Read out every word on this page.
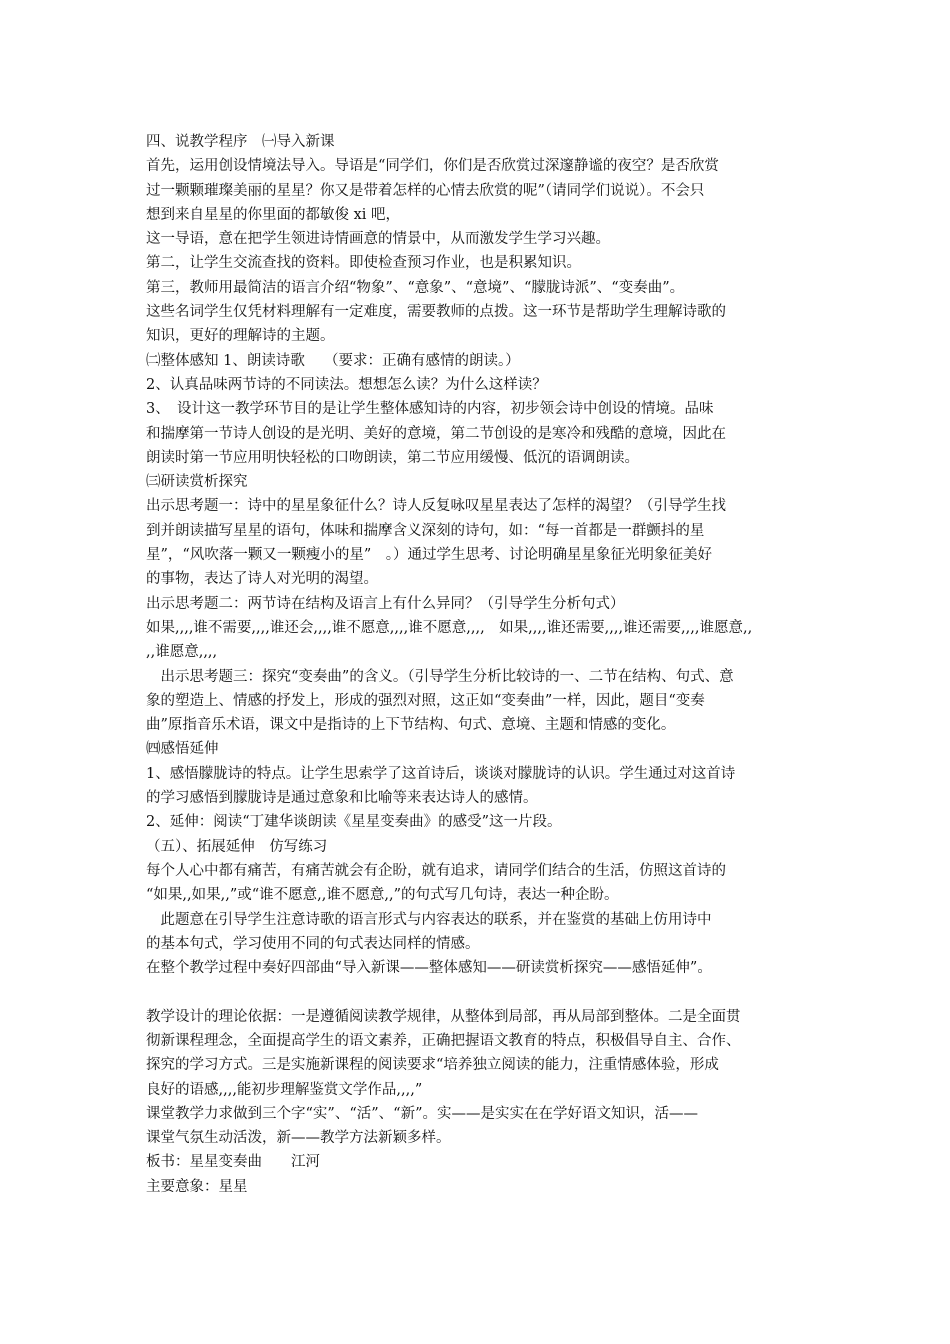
四、说教学程序　㈠导入新课
首先，运用创设情境法导入。导语是“同学们，你们是否欣赏过深邃静谧的夜空？是否欣赏
过一颗颗璀璨美丽的星星？你又是带着怎样的心情去欣赏的呢”（请同学们说说）。不会只
想到来自星星的你里面的都敏俊 xi 吧，
这一导语，意在把学生领进诗情画意的情景中，从而激发学生学习兴趣。
第二，让学生交流查找的资料。即使检查预习作业，也是积累知识。
第三，教师用最简洁的语言介绍“物象”、“意象”、“意境”、“朦胧诗派”、“变奏曲”。
这些名词学生仅凭材料理解有一定难度，需要教师的点拨。这一环节是帮助学生理解诗歌的
知识，更好的理解诗的主题。
㈡整体感知 1、朗读诗歌　 （要求：正确有感情的朗读。）
2、认真品味两节诗的不同读法。想想怎么读？为什么这样读？
3、　设计这一教学环节目的是让学生整体感知诗的内容，初步领会诗中创设的情境。品味
和揣摩第一节诗人创设的是光明、美好的意境，第二节创设的是寒冷和残酷的意境，因此在
朗读时第一节应用明快轻松的口吻朗读，第二节应用缓慢、低沉的语调朗读。
㈢研读赏析探究
出示思考题一：诗中的星星象征什么？诗人反复咏叹星星表达了怎样的渴望？（引导学生找
到并朗读描写星星的语句，体味和揣摩含义深刻的诗句，如：“每一首都是一群颤抖的星
星”，“风吹落一颗又一颗瘦小的星”　。）通过学生思考、讨论明确星星象征光明象征美好
的事物，表达了诗人对光明的渴望。
出示思考题二：两节诗在结构及语言上有什么异同？（引导学生分析句式）
如果,,,,谁不需要,,,,谁还会,,,,谁不愿意,,,,谁不愿意,,,,　如果,,,,谁还需要,,,,谁还需要,,,,谁愿意,,
,,谁愿意,,,,
　出示思考题三：探究“变奏曲”的含义。（引导学生分析比较诗的一、二节在结构、句式、意
象的塑造上、情感的抒发上，形成的强烈对照，这正如“变奏曲”一样，因此，题目“变奏
曲”原指音乐术语，课文中是指诗的上下节结构、句式、意境、主题和情感的变化。
㈣感悟延伸
1、感悟朦胧诗的特点。让学生思索学了这首诗后，谈谈对朦胧诗的认识。学生通过对这首诗
的学习感悟到朦胧诗是通过意象和比喻等来表达诗人的感情。
2、延伸：阅读“丁建华谈朗读《星星变奏曲》的感受”这一片段。
（五）、拓展延伸　仿写练习
每个人心中都有痛苦，有痛苦就会有企盼，就有追求，请同学们结合的生活，仿照这首诗的
“如果,,如果,,”或“谁不愿意,,谁不愿意,,”的句式写几句诗，表达一种企盼。
　此题意在引导学生注意诗歌的语言形式与内容表达的联系，并在鉴赏的基础上仿用诗中
的基本句式，学习使用不同的句式表达同样的情感。
在整个教学过程中奏好四部曲“导入新课——整体感知——研读赏析探究——感悟延伸”。
教学设计的理论依据：一是遵循阅读教学规律，从整体到局部，再从局部到整体。二是全面贯
彻新课程理念，全面提高学生的语文素养，正确把握语文教育的特点，积极倡导自主、合作、
探究的学习方式。三是实施新课程的阅读要求“培养独立阅读的能力，注重情感体验，形成
良好的语感,,,,能初步理解鉴赏文学作品,,,,”
课堂教学力求做到三个字“实”、“活”、“新”。实——是实实在在学好语文知识，活——
课堂气氛生动活泼，新——教学方法新颖多样。
板书：星星变奏曲　　江河
主要意象：星星
